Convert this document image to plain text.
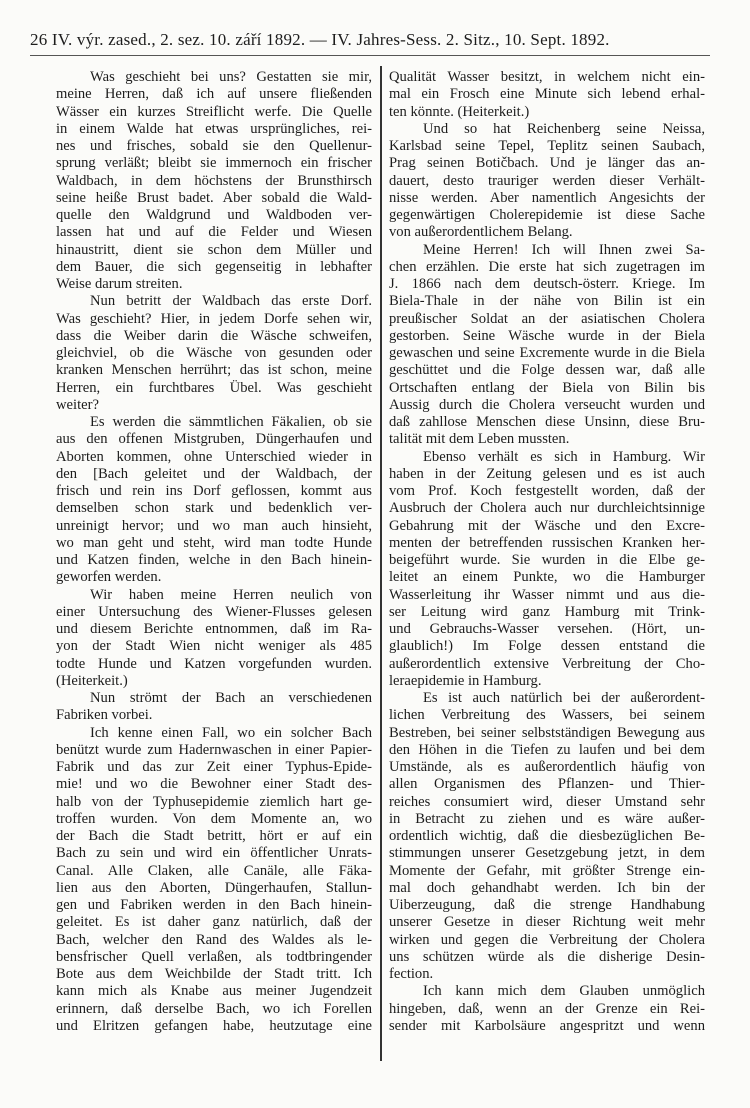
26 IV. výr. zased., 2. sez. 10. září 1892. — IV. Jahres-Sess. 2. Sitz., 10. Sept. 1892.
Was geschieht bei uns? Gestatten sie mir,
meine Herren, daß ich auf unsere fließenden
Wässer ein kurzes Streiflicht werfe. Die Quelle
in einem Walde hat etwas ursprüngliches, rei-
nes und frisches, sobald sie den Quellenur-
sprung verläßt; bleibt sie immernoch ein frischer
Waldbach, in dem höchstens der Brunsthirsch
seine heiße Brust badet. Aber sobald die Wald-
quelle den Waldgrund und Waldboden ver-
lassen hat und auf die Felder und Wiesen
hinaustritt, dient sie schon dem Müller und
dem Bauer, die sich gegenseitig in lebhafter
Weise darum streiten.
Nun betritt der Waldbach das erste Dorf.
Was geschieht? Hier, in jedem Dorfe sehen wir,
dass die Weiber darin die Wäsche schweifen,
gleichviel, ob die Wäsche von gesunden oder
kranken Menschen herrührt; das ist schon, meine
Herren, ein furchtbares Übel. Was geschieht
weiter?
Es werden die sämmtlichen Fäkalien, ob sie
aus den offenen Mistgruben, Düngerhaufen und
Aborten kommen, ohne Unterschied wieder in
den [Bach geleitet und der Waldbach, der
frisch und rein ins Dorf geflossen, kommt aus
demselben schon stark und bedenklich ver-
unreinigt hervor; und wo man auch hinsieht,
wo man geht und steht, wird man todte Hunde
und Katzen finden, welche in den Bach hinein-
geworfen werden.
Wir haben meine Herren neulich von
einer Untersuchung des Wiener-Flusses gelesen
und diesem Berichte entnommen, daß im Ra-
yon der Stadt Wien nicht weniger als 485
todte Hunde und Katzen vorgefunden wurden.
(Heiterkeit.)
Nun strömt der Bach an verschiedenen
Fabriken vorbei.
Ich kenne einen Fall, wo ein solcher Bach
benützt wurde zum Hadernwaschen in einer Papier-
Fabrik und das zur Zeit einer Typhus-Epide-
mie! und wo die Bewohner einer Stadt des-
halb von der Typhusepidemie ziemlich hart ge-
troffen wurden. Von dem Momente an, wo
der Bach die Stadt betritt, hört er auf ein
Bach zu sein und wird ein öffentlicher Unrats-
Canal. Alle Claken, alle Canäle, alle Fäka-
lien aus den Aborten, Düngerhaufen, Stallun-
gen und Fabriken werden in den Bach hinein-
geleitet. Es ist daher ganz natürlich, daß der
Bach, welcher den Rand des Waldes als le-
bensfrischer Quell verlaßen, als todtbringender
Bote aus dem Weichbilde der Stadt tritt. Ich
kann mich als Knabe aus meiner Jugendzeit
erinnern, daß derselbe Bach, wo ich Forellen
und Elritzen gefangen habe, heutzutage eine
Qualität Wasser besitzt, in welchem nicht ein-
mal ein Frosch eine Minute sich lebend erhal-
ten könnte. (Heiterkeit.)
Und so hat Reichenberg seine Neissa,
Karlsbad seine Tepel, Teplitz seinen Saubach,
Prag seinen Botičbach. Und je länger das an-
dauert, desto trauriger werden dieser Verhält-
nisse werden. Aber namentlich Angesichts der
gegenwärtigen Cholerepidemie ist diese Sache
von außerordentlichem Belang.
Meine Herren! Ich will Ihnen zwei Sa-
chen erzählen. Die erste hat sich zugetragen im
J. 1866 nach dem deutsch-österr. Kriege. Im
Biela-Thale in der nähe von Bilin ist ein
preußischer Soldat an der asiatischen Cholera
gestorben. Seine Wäsche wurde in der Biela
gewaschen und seine Excremente wurde in die Biela
geschüttet und die Folge dessen war, daß alle
Ortschaften entlang der Biela von Bilin bis
Aussig durch die Cholera verseucht wurden und
daß zahllose Menschen diese Unsinn, diese Bru-
talität mit dem Leben mussten.
Ebenso verhält es sich in Hamburg. Wir
haben in der Zeitung gelesen und es ist auch
vom Prof. Koch festgestellt worden, daß der
Ausbruch der Cholera auch nur durchleichtsinnige
Gebahrung mit der Wäsche und den Excre-
menten der betreffenden russischen Kranken her-
beigeführt wurde. Sie wurden in die Elbe ge-
leitet an einem Punkte, wo die Hamburger
Wasserleitung ihr Wasser nimmt und aus die-
ser Leitung wird ganz Hamburg mit Trink-
und Gebrauchs-Wasser versehen. (Hört, un-
glaublich!) Im Folge dessen entstand die
außerordentlich extensive Verbreitung der Cho-
leraepidemie in Hamburg.
Es ist auch natürlich bei der außerordent-
lichen Verbreitung des Wassers, bei seinem
Bestreben, bei seiner selbstständigen Bewegung aus
den Höhen in die Tiefen zu laufen und bei dem
Umstände, als es außerordentlich häufig von
allen Organismen des Pflanzen- und Thier-
reiches consumiert wird, dieser Umstand sehr
in Betracht zu ziehen und es wäre außer-
ordentlich wichtig, daß die diesbezüglichen Be-
stimmungen unserer Gesetzgebung jetzt, in dem
Momente der Gefahr, mit größter Strenge ein-
mal doch gehandhabt werden. Ich bin der
Uiberzeugung, daß die strenge Handhabung
unserer Gesetze in dieser Richtung weit mehr
wirken und gegen die Verbreitung der Cholera
uns schützen würde als die disherige Desin-
fection.
Ich kann mich dem Glauben unmöglich
hingeben, daß, wenn an der Grenze ein Rei-
sender mit Karbolsäure angespritzt und wenn
